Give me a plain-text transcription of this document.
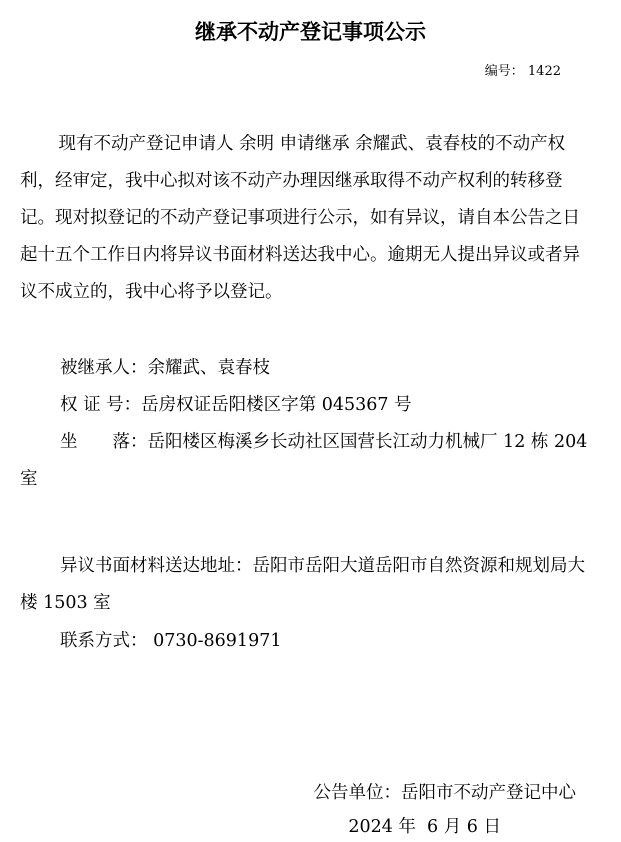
继承不动产登记事项公示
编号： 1422

现有不动产登记申请人 余明 申请继承 余耀武、袁春枝的不动产权利，经审定，我中心拟对该不动产办理因继承取得不动产权利的转移登记。现对拟登记的不动产登记事项进行公示，如有异议，请自本公告之日起十五个工作日内将异议书面材料送达我中心。逾期无人提出异议或者异议不成立的，我中心将予以登记。

被继承人：余耀武、袁春枝

权 证 号：岳房权证岳阳楼区字第 045367 号

坐　　落：岳阳楼区梅溪乡长动社区国营长江动力机械厂 12 栋 204 室

异议书面材料送达地址：岳阳市岳阳大道岳阳市自然资源和规划局大楼 1503 室

联系方式： 0730-8691971

公告单位：岳阳市不动产登记中心
2024 年  6 月 6 日
